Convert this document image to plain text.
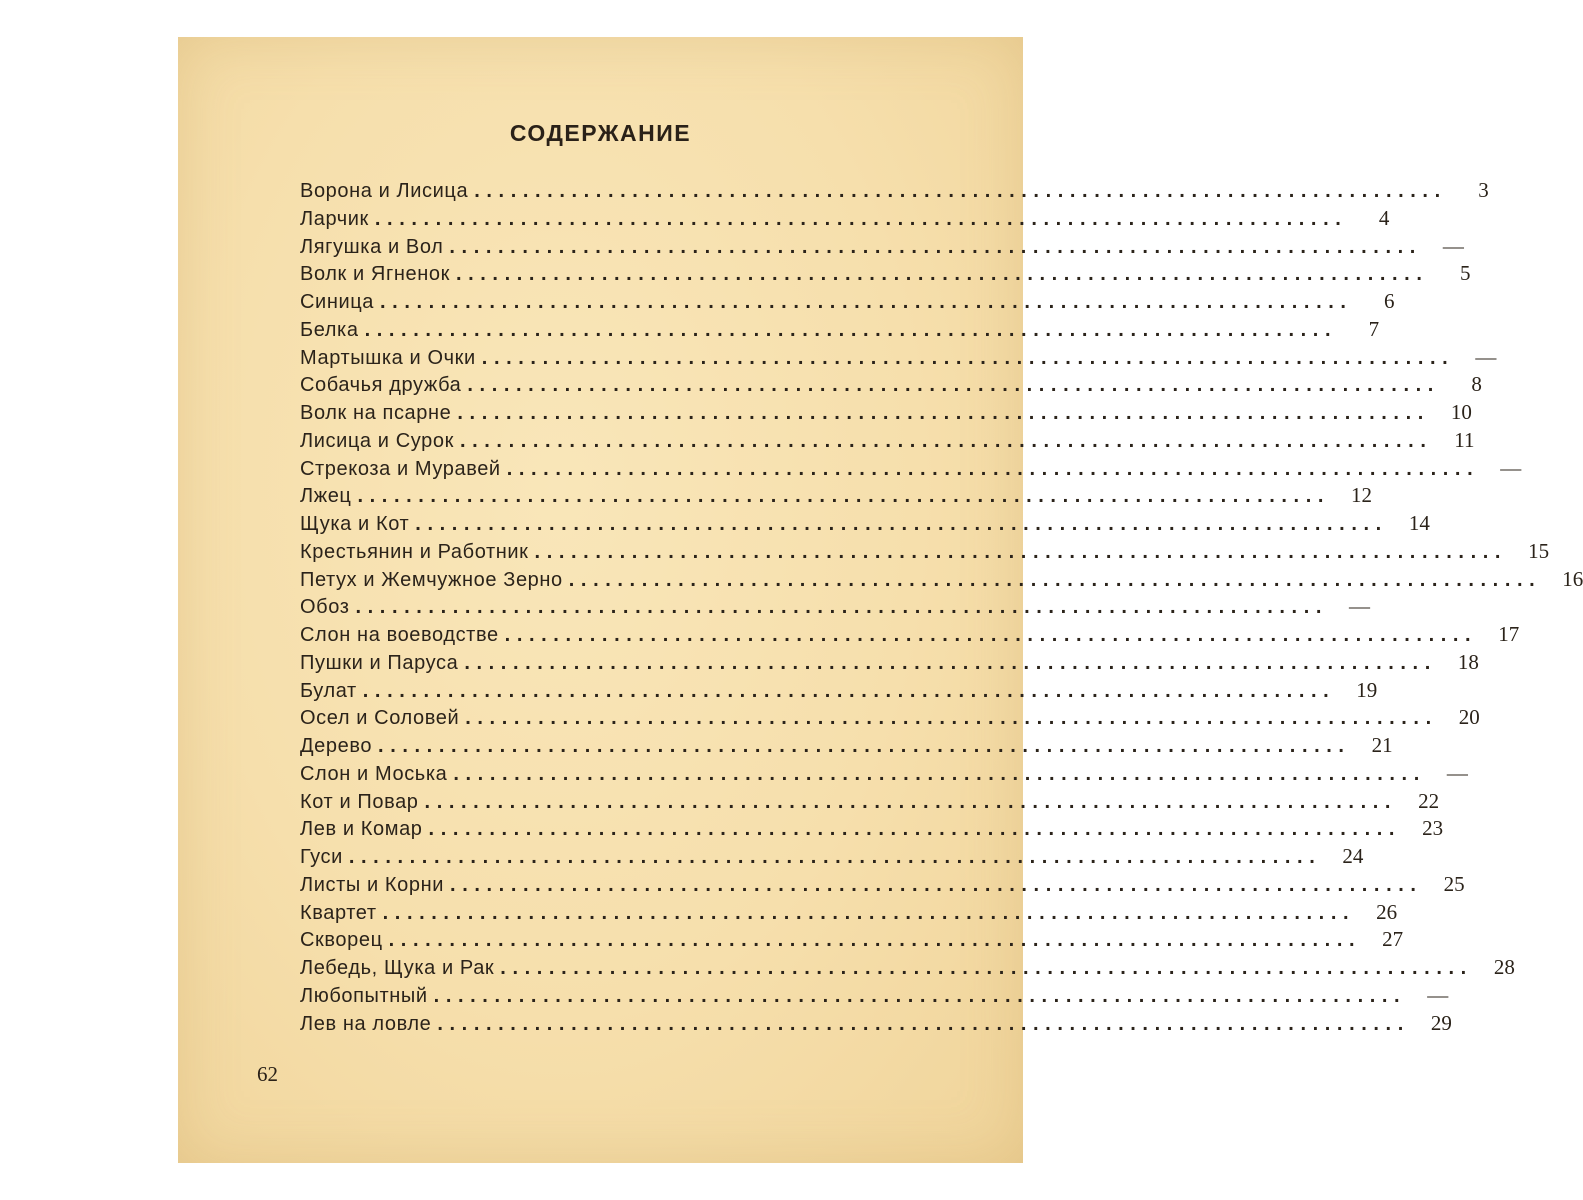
СОДЕРЖАНИЕ
Ворона и Лисица ................................................................................	3
Ларчик ................................................................................	4
Лягушка и Вол ................................................................................	—
Волк и Ягненок ................................................................................	5
Синица ................................................................................	6
Белка ................................................................................	7
Мартышка и Очки ................................................................................	—
Собачья дружба ................................................................................	8
Волк на псарне ................................................................................	10
Лисица и Сурок ................................................................................	11
Стрекоза и Муравей ................................................................................	—
Лжец ................................................................................	12
Щука и Кот ................................................................................	14
Крестьянин и Работник ................................................................................	15
Петух и Жемчужное Зерно ................................................................................	16
Обоз ................................................................................	—
Слон на воеводстве ................................................................................	17
Пушки и Паруса ................................................................................	18
Булат ................................................................................	19
Осел и Соловей ................................................................................	20
Дерево ................................................................................	21
Слон и Моська ................................................................................	—
Кот и Повар ................................................................................	22
Лев и Комар ................................................................................	23
Гуси ................................................................................	24
Листы и Корни ................................................................................	25
Квартет ................................................................................	26
Скворец ................................................................................	27
Лебедь, Щука и Рак ................................................................................	28
Любопытный ................................................................................	—
Лев на ловле ................................................................................	29
62
